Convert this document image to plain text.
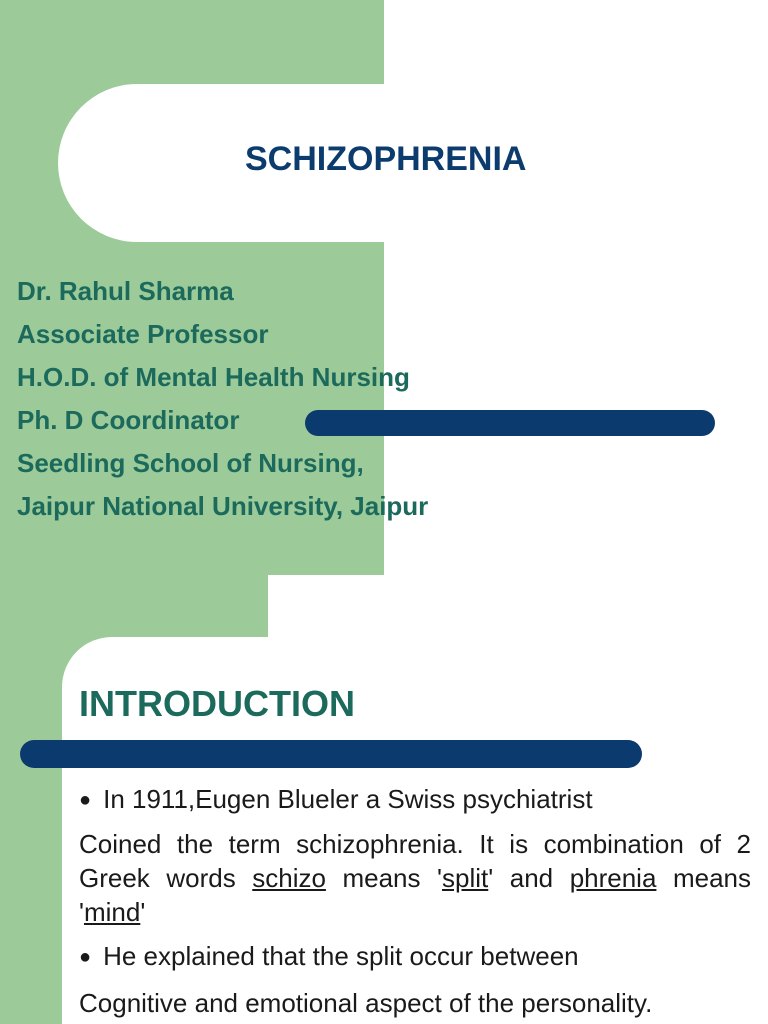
SCHIZOPHRENIA
Dr. Rahul Sharma
Associate Professor
H.O.D. of Mental Health Nursing
Ph. D Coordinator
Seedling School of Nursing,
Jaipur National University, Jaipur
INTRODUCTION
● In 1911,Eugen Blueler a Swiss psychiatrist
Coined the term schizophrenia. It is combination of 2 Greek words schizo means 'split' and phrenia means 'mind'
● He explained that the split occur between
Cognitive and emotional aspect of the personality.
